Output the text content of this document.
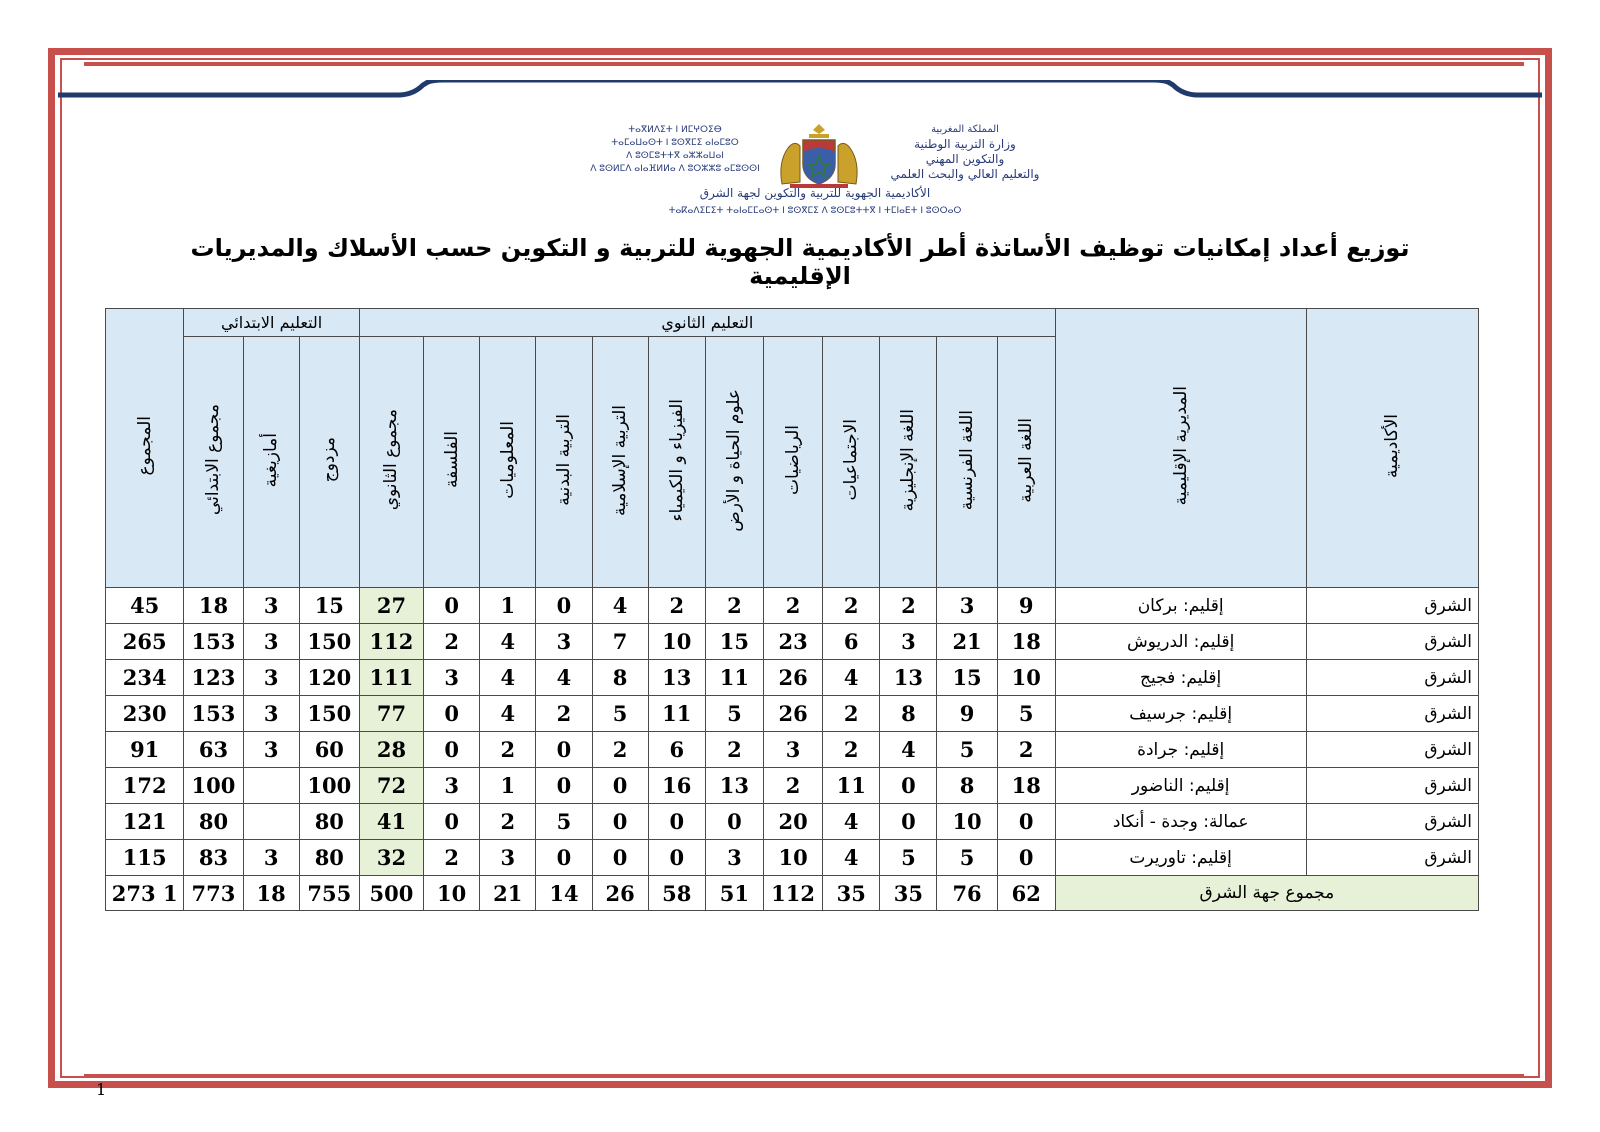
ⵜⴰⴳⵍⴷⵉⵜ ⵏ ⵍⵎⵖⵔⵉⴱ
ⵜⴰⵎⴰⵡⴰⵙⵜ ⵏ ⵓⵙⴳⵎⵉ ⴰⵏⴰⵎⵓⵔ
ⴷ ⵓⵙⵎⵓⵜⵜⴳ ⴰⵣⵣⴰⵡⴰⵏ
ⴷ ⵓⵙⵍⵎⴷ ⴰⵏⴰⴼⵍⵍⴰ ⴷ ⵓⵔⵣⵣⵓ ⴰⵎⵓⵙⵙⵏ
المملكة المغربية
وزارة التربية الوطنية
والتكوين المهني
والتعليم العالي والبحث العلمي
الأكاديمية الجهوية للتربية والتكوين لجهة الشرق
ⵜⴰⴽⴰⴷⵉⵎⵉⵜ ⵜⴰⵏⴰⵎⵎⴰⵙⵜ ⵏ ⵓⵙⴳⵎⵉ ⴷ ⵓⵙⵎⵓⵜⵜⴳ ⵏ ⵜⵎⵏⴰⴹⵜ ⵏ ⵓⵙⵔⴰⵔ
توزيع أعداد إمكانيات توظيف الأساتذة أطر الأكاديمية الجهوية للتربية و التكوين حسب الأسلاك والمديريات الإقليمية
الأكاديمية	المديرية الإقليمية	التعليم الثانوي												التعليم الابتدائي			المجموع
		اللغة العربية	اللغة الفرنسية	اللغة الإنجليزية	الاجتماعيات	الرياضيات	علوم الحياة و الأرض	الفيزياء و الكيمياء	التربية الإسلامية	التربية البدنية	المعلوميات	الفلسفة	مجموع الثانوي	مزدوج	أمازيغية	مجموع الابتدائي	
الشرق	إقليم: بركان	9	3	2	2	2	2	2	4	0	1	0	27	15	3	18	45
الشرق	إقليم: الدريوش	18	21	3	6	23	15	10	7	3	4	2	112	150	3	153	265
الشرق	إقليم: فجيج	10	15	13	4	26	11	13	8	4	4	3	111	120	3	123	234
الشرق	إقليم: جرسيف	5	9	8	2	26	5	11	5	2	4	0	77	150	3	153	230
الشرق	إقليم: جرادة	2	5	4	2	3	2	6	2	0	2	0	28	60	3	63	91
الشرق	إقليم: الناضور	18	8	0	11	2	13	16	0	0	1	3	72	100		100	172
الشرق	عمالة: وجدة - أنكاد	0	10	0	4	20	0	0	0	5	2	0	41	80		80	121
الشرق	إقليم: تاوريرت	0	5	5	4	10	3	0	0	0	3	2	32	80	3	83	115
مجموع جهة الشرق		62	76	35	35	112	51	58	26	14	21	10	500	755	18	773	1 273
1
